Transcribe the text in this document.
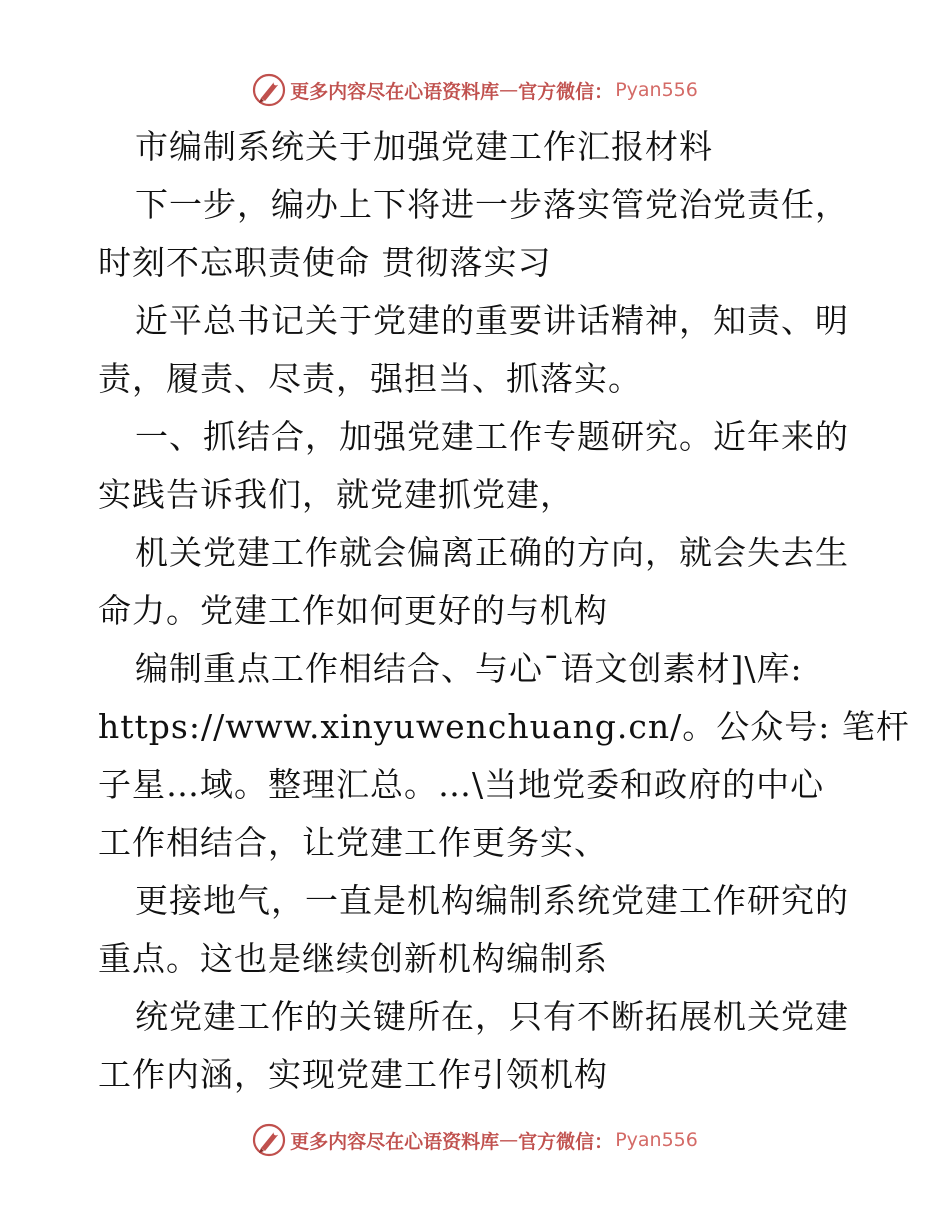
更多内容尽在心语资料库 — 官方微信： Pyan556
市编制系统关于加强党建工作汇报材料
下一步，编办上下将进一步落实管党治党责任，
时刻不忘职责使命 贯彻落实习
近平总书记关于党建的重要讲话精神，知责、明
责，履责、尽责，强担当、抓落实。
一、抓结合，加强党建工作专题研究。近年来的
实践告诉我们，就党建抓党建，
机关党建工作就会偏离正确的方向，就会失去生
命力。党建工作如何更好的与机构
编制重点工作相结合、与心¯语文创素材]\库:
https://www.xinyuwenchuang.cn/。公众号: 笔杆
子星…域。整理汇总。…\当地党委和政府的中心
工作相结合，让党建工作更务实、
更接地气，一直是机构编制系统党建工作研究的
重点。这也是继续创新机构编制系
统党建工作的关键所在，只有不断拓展机关党建
工作内涵，实现党建工作引领机构
更多内容尽在心语资料库 — 官方微信： Pyan556
